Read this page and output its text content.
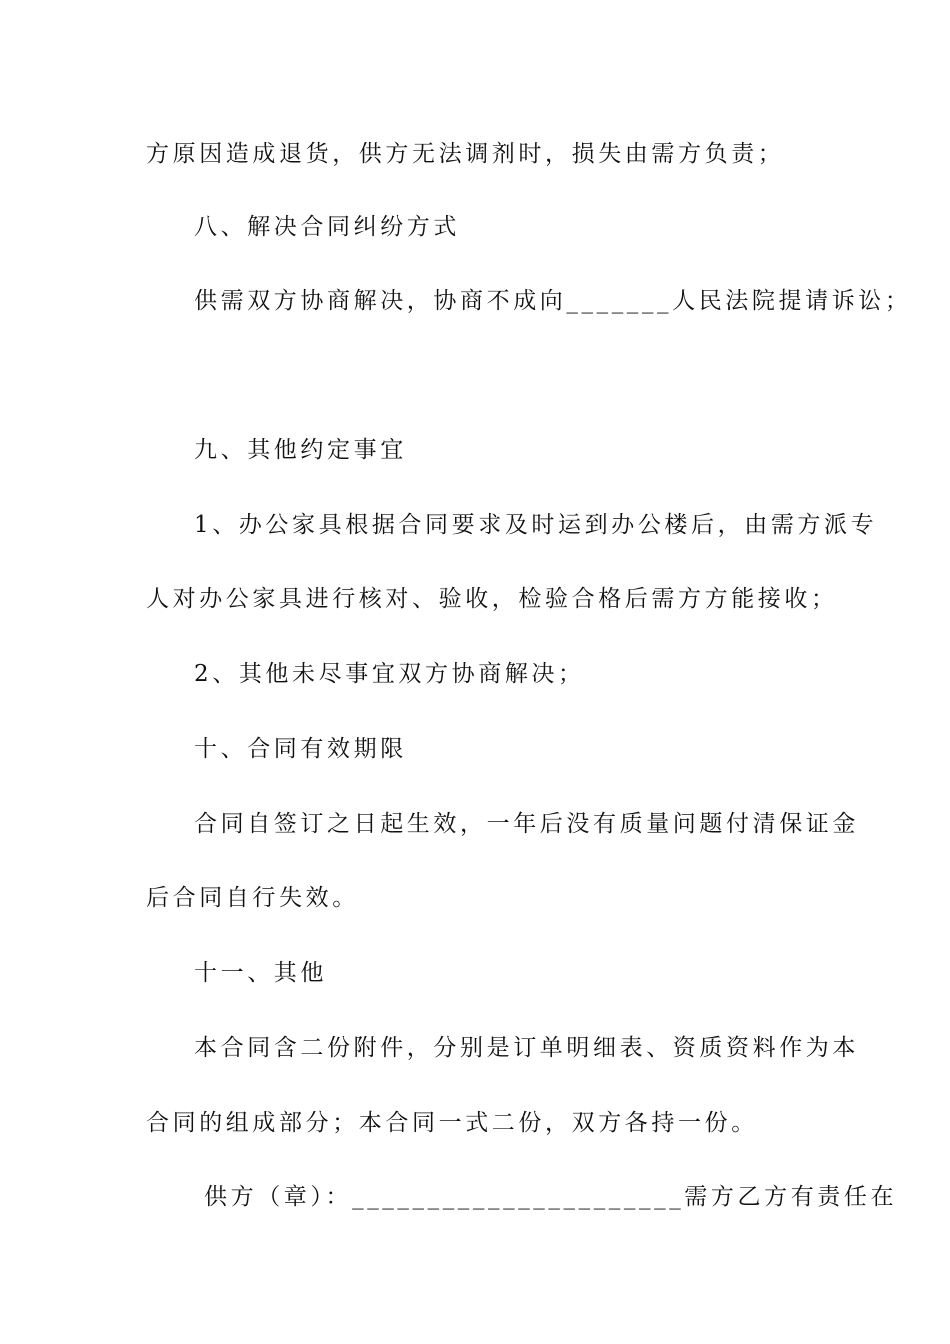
方原因造成退货，供方无法调剂时，损失由需方负责；
八、解决合同纠纷方式
供需双方协商解决，协商不成向_______人民法院提请诉讼；
九、其他约定事宜
1、办公家具根据合同要求及时运到办公楼后，由需方派专
人对办公家具进行核对、验收，检验合格后需方方能接收；
2、其他未尽事宜双方协商解决；
十、合同有效期限
合同自签订之日起生效，一年后没有质量问题付清保证金
后合同自行失效。
十一、其他
本合同含二份附件，分别是订单明细表、资质资料作为本
合同的组成部分；本合同一式二份，双方各持一份。
供方（章）：______________________需方乙方有责任在
